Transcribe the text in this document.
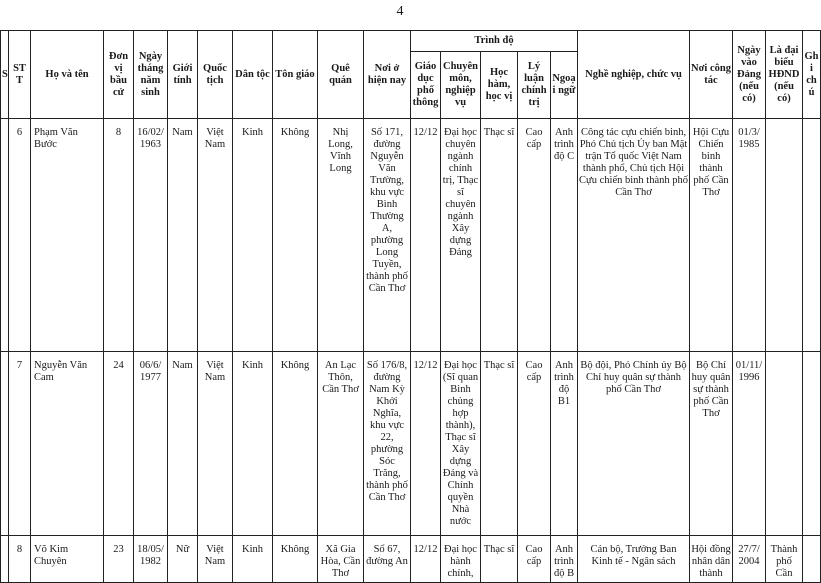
4
S	STT	Họ và tên	Đơn vị bầu cử	Ngày tháng năm sinh	Giới tính	Quốc tịch	Dân tộc	Tôn giáo	Quê quán	Nơi ở hiện nay	Trình độ					Nghề nghiệp, chức vụ	Nơi công tác	Ngày vào Đảng (nếu có)	Là đại biểu HĐND (nếu có)	Ghi chú
											Giáo dục phổ thông	Chuyên môn, nghiệp vụ	Học hàm, học vị	Lý luận chính trị	Ngoại ngữ					
	6	Phạm Văn Bước	8	16/02/ 1963	Nam	Việt Nam	Kinh	Không	Nhị Long, Vĩnh Long	Số 171, đường Nguyễn Văn Trường, khu vực Bình Thường A, phường Long Tuyền, thành phố Cần Thơ	12/12	Đại học chuyên ngành chính trị, Thạc sĩ chuyên ngành Xây dựng Đảng	Thạc sĩ	Cao cấp	Anh trình độ C	Công tác cựu chiến binh, Phó Chủ tịch Ủy ban Mặt trận Tổ quốc Việt Nam thành phố, Chủ tịch Hội Cựu chiến binh thành phố Cần Thơ	Hội Cựu Chiến binh thành phố Cần Thơ	01/3/ 1985		
	7	Nguyễn Văn Cam	24	06/6/ 1977	Nam	Việt Nam	Kinh	Không	An Lạc Thôn, Cần Thơ	Số 176/8, đường Nam Kỳ Khởi Nghĩa, khu vực 22, phường Sóc Trăng, thành phố Cần Thơ	12/12	Đại học (Sĩ quan Binh chủng hợp thành), Thạc sĩ Xây dựng Đảng và Chính quyền Nhà nước	Thạc sĩ	Cao cấp	Anh trình độ B1	Bộ đội, Phó Chính ủy Bộ Chỉ huy quân sự thành phố Cần Thơ	Bộ Chỉ huy quân sự thành phố Cần Thơ	01/11/ 1996		
	8	Võ Kim Chuyên	23	18/05/ 1982	Nữ	Việt Nam	Kinh	Không	Xã Gia Hòa, Cần Thơ	Số 67, đường An	12/12	Đại học hành chính,	Thạc sĩ	Cao cấp	Anh trình độ B	Cán bộ, Trưởng Ban Kinh tế - Ngân sách	Hội đồng nhân dân thành	27/7/ 2004	Thành phố Cần	
